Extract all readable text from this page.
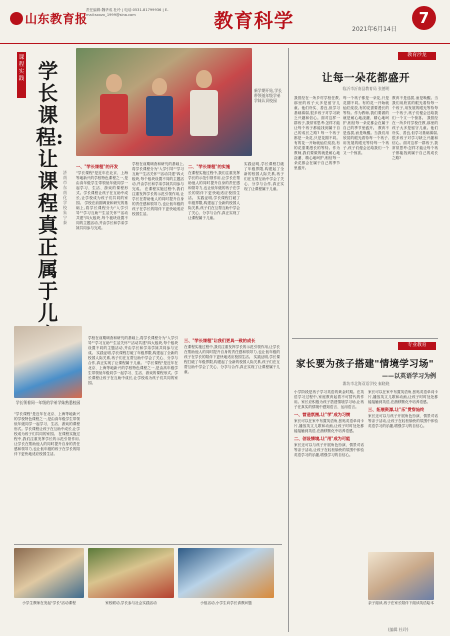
山东教育报
责任编辑:魏华成 杜玲 | 电话:0531-81799936 | E-mail:sxxzx_1999@sina.com	教育科学	2021年6月14日
7
课程实践
教育沙龙
专业教育
学长课程:让课程真正属于儿
济南市东南化学校 朱宁泰
新学期开始,学长带领低年级学弟学妹认识校园
一、"学长课程"的开发
"学长课程"是近年在北京、上海等地新兴的学校特色课程之一,是由高年级学生带领低年级同学一起学习、生活、游戏的课程形式。学长课程让孩子在互助中成长,让学校成为孩子们共同的家园。 学校在前期调查和研究的基础上,将学长课程分为"入学引导""学习互助""生活关怀""活动共建"四大板块,每个板块设置不同的主题活动,并由学长和学弟学妹共同参与完成。
学校在前期调查和研究的基础上,将学长课程分为"入学引导""学习互助""生活关怀""活动共建"四大板块,每个板块设置不同的主题活动,并由学长和学弟学妹共同参与完成。 在课程实施过程中,我们注重发挥学长的示范引领作用,让学长在帮助他人的同时提升自身的责任感和领导力,也让低年级的孩子在学长的陪伴下更快地适应校园生活。
二、"学长课程"的实施
在课程实施过程中,我们注重发挥学长的示范引领作用,让学长在帮助他人的同时提升自身的责任感和领导力,也让低年级的孩子在学长的陪伴下更快地适应校园生活。 实践证明,学长课程打破了年级界限,构建起了全新的校园人际关系,孩子们在互帮互助中学会了关心、分享与合作,真正实现了让课程属于儿童。
实践证明,学长课程打破了年级界限,构建起了全新的校园人际关系,孩子们在互帮互助中学会了关心、分享与合作,真正实现了让课程属于儿童。
学长领着同一年级的学弟学妹熟悉校园
"学长课程"是近年在北京、上海等地新兴的学校特色课程之一,是由高年级学生带领低年级同学一起学习、生活、游戏的课程形式。学长课程让孩子在互助中成长,让学校成为孩子们共同的家园。 在课程实施过程中,我们注重发挥学长的示范引领作用,让学长在帮助他人的同时提升自身的责任感和领导力,也让低年级的孩子在学长的陪伴下更快地适应校园生活。
学校在前期调查和研究的基础上,将学长课程分为"入学引导""学习互助""生活关怀""活动共建"四大板块,每个板块设置不同的主题活动,并由学长和学弟学妹共同参与完成。 实践证明,学长课程打破了年级界限,构建起了全新的校园人际关系,孩子们在互帮互助中学会了关心、分享与合作,真正实现了让课程属于儿童。 "学长课程"是近年在北京、上海等地新兴的学校特色课程之一,是由高年级学生带领低年级同学一起学习、生活、游戏的课程形式。学长课程让孩子在互助中成长,让学校成为孩子们共同的家园。
三、"学长课程"让我们更具一致的成长
在课程实施过程中,我们注重发挥学长的示范引领作用,让学长在帮助他人的同时提升自身的责任感和领导力,也让低年级的孩子在学长的陪伴下更快地适应校园生活。 实践证明,学长课程打破了年级界限,构建起了全新的校园人际关系,孩子们在互帮互助中学会了关心、分享与合作,真正实现了让课程属于儿童。
小学生教师在发起"学长"活动课程	家校联动,学长参与社会实践活动	小组活动,小学生向学长请教问题
让每一朵花都盛开
临沂市沂南县教育局 张德明
我曾经在一所乡村学校任教,那里的孩子大多是留守儿童。他们朴实、善良,但学习基础薄弱,很多孩子对学习缺乏兴趣和信心。面对这样一群孩子,我常常思考:怎样才能让每个孩子都能找到属于自己的成长之路? 每一个孩子都是一朵花,只是花期不同。有的花一开始就灿烂绽放,有的花需要漫长的等待。作为教师,我们要做的就是耐心地浇灌、精心地呵护,相信每一朵花都会在属于自己的季节里盛开。
每一个孩子都是一朵花,只是花期不同。有的花一开始就灿烂绽放,有的花需要漫长的等待。作为教师,我们要做的就是耐心地浇灌、精心地呵护,相信每一朵花都会在属于自己的季节里盛开。 教育不是选拔,而是唤醒。当我们用欣赏的眼光看待每一个孩子,用发展的眼光等待每一个孩子,孩子们便会还给我们一个又一个惊喜。
教育不是选拔,而是唤醒。当我们用欣赏的眼光看待每一个孩子,用发展的眼光等待每一个孩子,孩子们便会还给我们一个又一个惊喜。 我曾经在一所乡村学校任教,那里的孩子大多是留守儿童。他们朴实、善良,但学习基础薄弱,很多孩子对学习缺乏兴趣和信心。面对这样一群孩子,我常常思考:怎样才能让每个孩子都能找到属于自己的成长之路?
家长要为孩子搭建"情境学习场"
——以英语学习为例
潍坊市北海双语学校 秦晓晓
小学阶段是孩子学习英语的黄金时期。在英语学习过程中,家庭教育起着不可替代的作用。家长应积极为孩子搭建情境学习场,让孩子在真实的情境中感知语言、运用语言。
一、营造氛围,让"学"成为习惯
家长可以在家中布置英语角,张贴英语单词卡片,播放英文儿歌和动画,让孩子时时处处都能接触到英语,在潜移默化中培养语感。
二、创设情境,让"用"成为可能
家长还可以与孩子开展角色扮演、情景对话等亲子活动,让孩子在轻松愉快的氛围中体验英语学习的乐趣,增强学习的自信心。
家长可以在家中布置英语角,张贴英语单词卡片,播放英文儿歌和动画,让孩子时时处处都能接触到英语,在潜移默化中培养语感。
三、拓展资源,让"乐"贯穿始终
家长还可以与孩子开展角色扮演、情景对话等亲子活动,让孩子在轻松愉快的氛围中体验英语学习的乐趣,增强学习的自信心。
亲子阅读,孩子在家长陪伴下阅读英语绘本
(编辑 杜玲)
